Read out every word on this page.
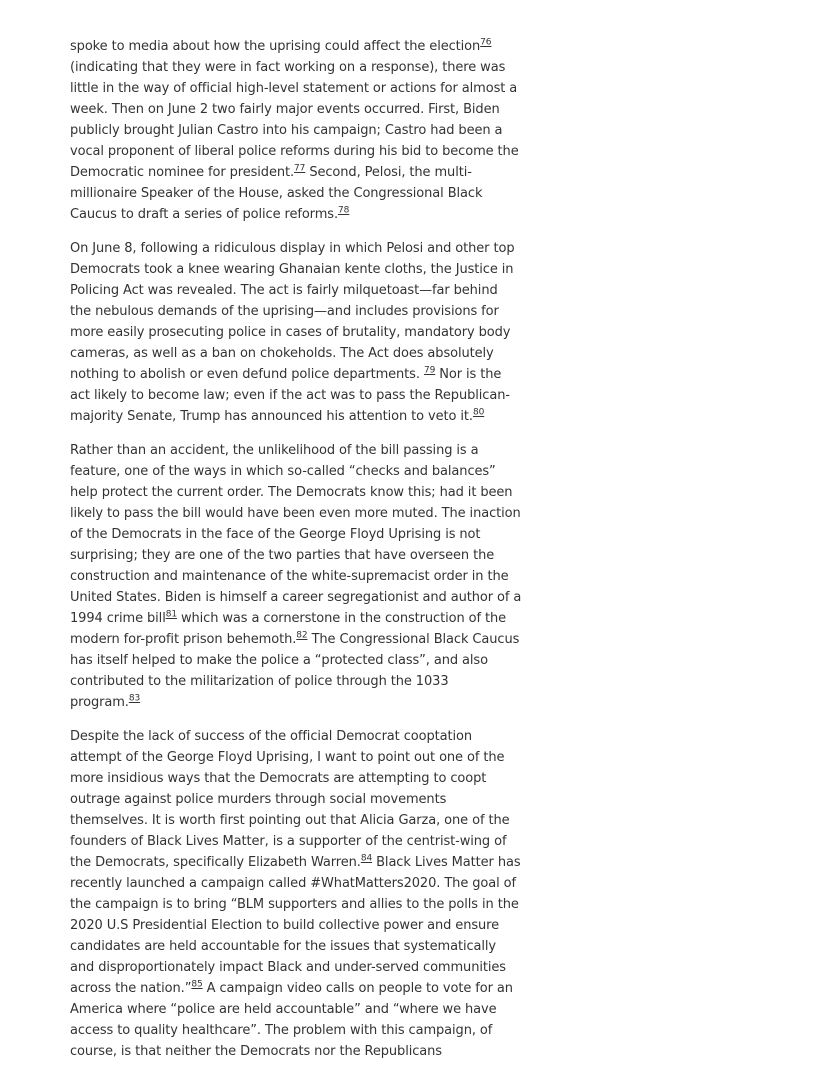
spoke to media about how the uprising could affect the election$^{76}$ (indicating that they were in fact working on a response), there was little in the way of official high-level statement or actions for almost a week. Then on June 2 two fairly major events occurred. First, Biden publicly brought Julian Castro into his campaign; Castro had been a vocal proponent of liberal police reforms during his bid to become the Democratic nominee for president.$^{77}$ Second, Pelosi, the multi-millionaire Speaker of the House, asked the Congressional Black Caucus to draft a series of police reforms.$^{78}$

On June 8, following a ridiculous display in which Pelosi and other top Democrats took a knee wearing Ghanaian kente cloths, the Justice in Policing Act was revealed. The act is fairly milquetoast—far behind the nebulous demands of the uprising—and includes provisions for more easily prosecuting police in cases of brutality, mandatory body cameras, as well as a ban on chokeholds. The Act does absolutely nothing to abolish or even defund police departments. $^{79}$ Nor is the act likely to become law; even if the act was to pass the Republican-majority Senate, Trump has announced his attention to veto it.$^{80}$

Rather than an accident, the unlikelihood of the bill passing is a feature, one of the ways in which so-called “checks and balances” help protect the current order. The Democrats know this; had it been likely to pass the bill would have been even more muted. The inaction of the Democrats in the face of the George Floyd Uprising is not surprising; they are one of the two parties that have overseen the construction and maintenance of the white-supremacist order in the United States. Biden is himself a career segregationist and author of a 1994 crime bill$^{81}$ which was a cornerstone in the construction of the modern for-profit prison behemoth.$^{82}$ The Congressional Black Caucus has itself helped to make the police a “protected class”, and also contributed to the militarization of police through the 1033 program.$^{83}$

Despite the lack of success of the official Democrat cooptation attempt of the George Floyd Uprising, I want to point out one of the more insidious ways that the Democrats are attempting to coopt outrage against police murders through social movements themselves. It is worth first pointing out that Alicia Garza, one of the founders of Black Lives Matter, is a supporter of the centrist-wing of the Democrats, specifically Elizabeth Warren.$^{84}$ Black Lives Matter has recently launched a campaign called #WhatMatters2020. The goal of the campaign is to bring “BLM supporters and allies to the polls in the 2020 U.S Presidential Election to build collective power and ensure candidates are held accountable for the issues that systematically and disproportionately impact Black and under-served communities across the nation.”$^{85}$ A campaign video calls on people to vote for an America where “police are held accountable” and “where we have access to quality healthcare”. The problem with this campaign, of course, is that neither the Democrats nor the Republicans
